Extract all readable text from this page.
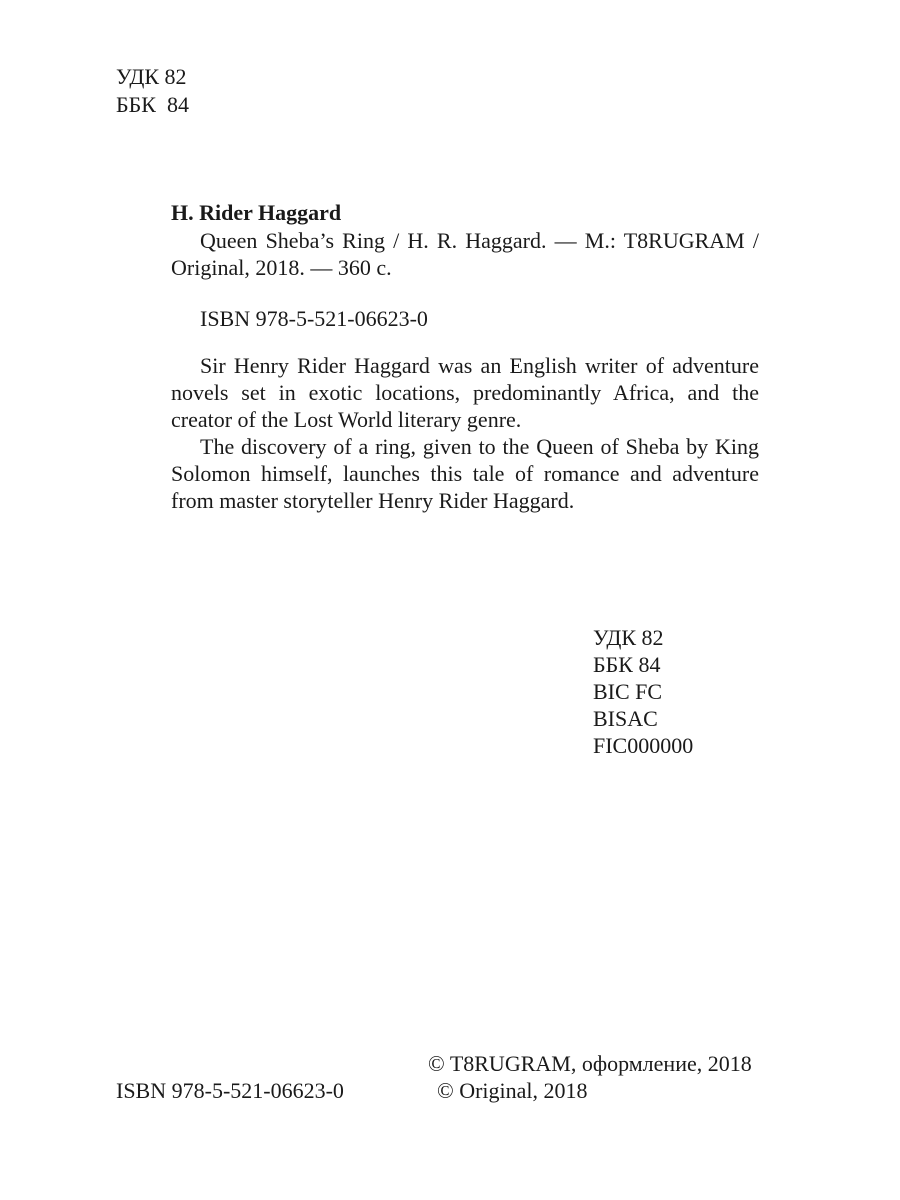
УДК 82
ББК  84
H. Rider Haggard
Queen Sheba’s Ring / H. R. Haggard. — M.: T8RUGRAM /
Original, 2018. — 360 c.
ISBN 978-5-521-06623-0
Sir Henry Rider Haggard was an English writer of adventure
novels set in exotic locations, predominantly Africa, and the
creator of the Lost World literary genre.
The discovery of a ring, given to the Queen of Sheba by King
Solomon himself, launches this tale of romance and adventure
from master storyteller Henry Rider Haggard.
УДК 82
ББК 84
BIC FC
BISAC
FIC000000
© T8RUGRAM, оформление, 2018
© Original, 2018
ISBN 978-5-521-06623-0
